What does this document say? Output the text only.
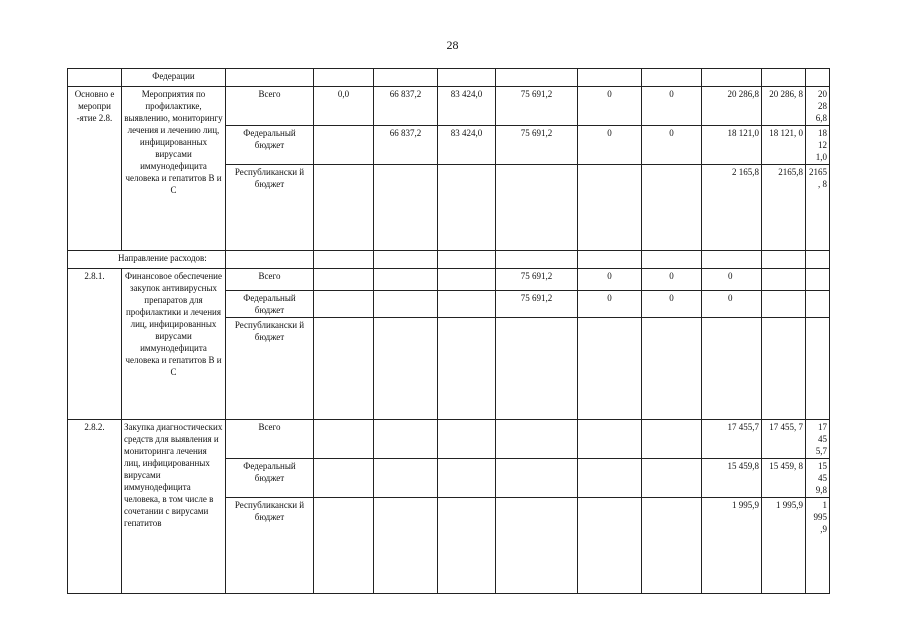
28
	Федерации										
Основно е меропри -ятие 2.8.	Мероприятия по профилактике, выявлению, мониторингу лечения и лечению лиц, инфицированных вирусами иммунодефицита человека и гепатитов В и С	Всего	0,0	66 837,2	83 424,0	75 691,2	0	0	20 286,8	20 286, 8	20 28 6,8
		Федеральный бюджет		66 837,2	83 424,0	75 691,2	0	0	18 121,0	18 121, 0	18 12 1,0
		Республикански й бюджет							2 165,8	2165,8	2165, 8
Направление расходов:											
2.8.1.	Финансовое обеспечение закупок антивирусных препаратов для профилактики и лечения лиц, инфицированных вирусами иммунодефицита человека и гепатитов В и С	Всего				75 691,2	0	0	0		
		Федеральный бюджет				75 691,2	0	0	0		
		Республикански й бюджет									
2.8.2.	Закупка диагностических средств для выявления и мониторинга лечения лиц, инфицированных вирусами иммунодефицита человека, в том числе в сочетании с вирусами гепатитов	Всего							17 455,7	17 455, 7	17 45 5,7
		Федеральный бюджет							15 459,8	15 459, 8	15 45 9,8
		Республикански й бюджет							1 995,9	1 995,9	1 995 ,9
